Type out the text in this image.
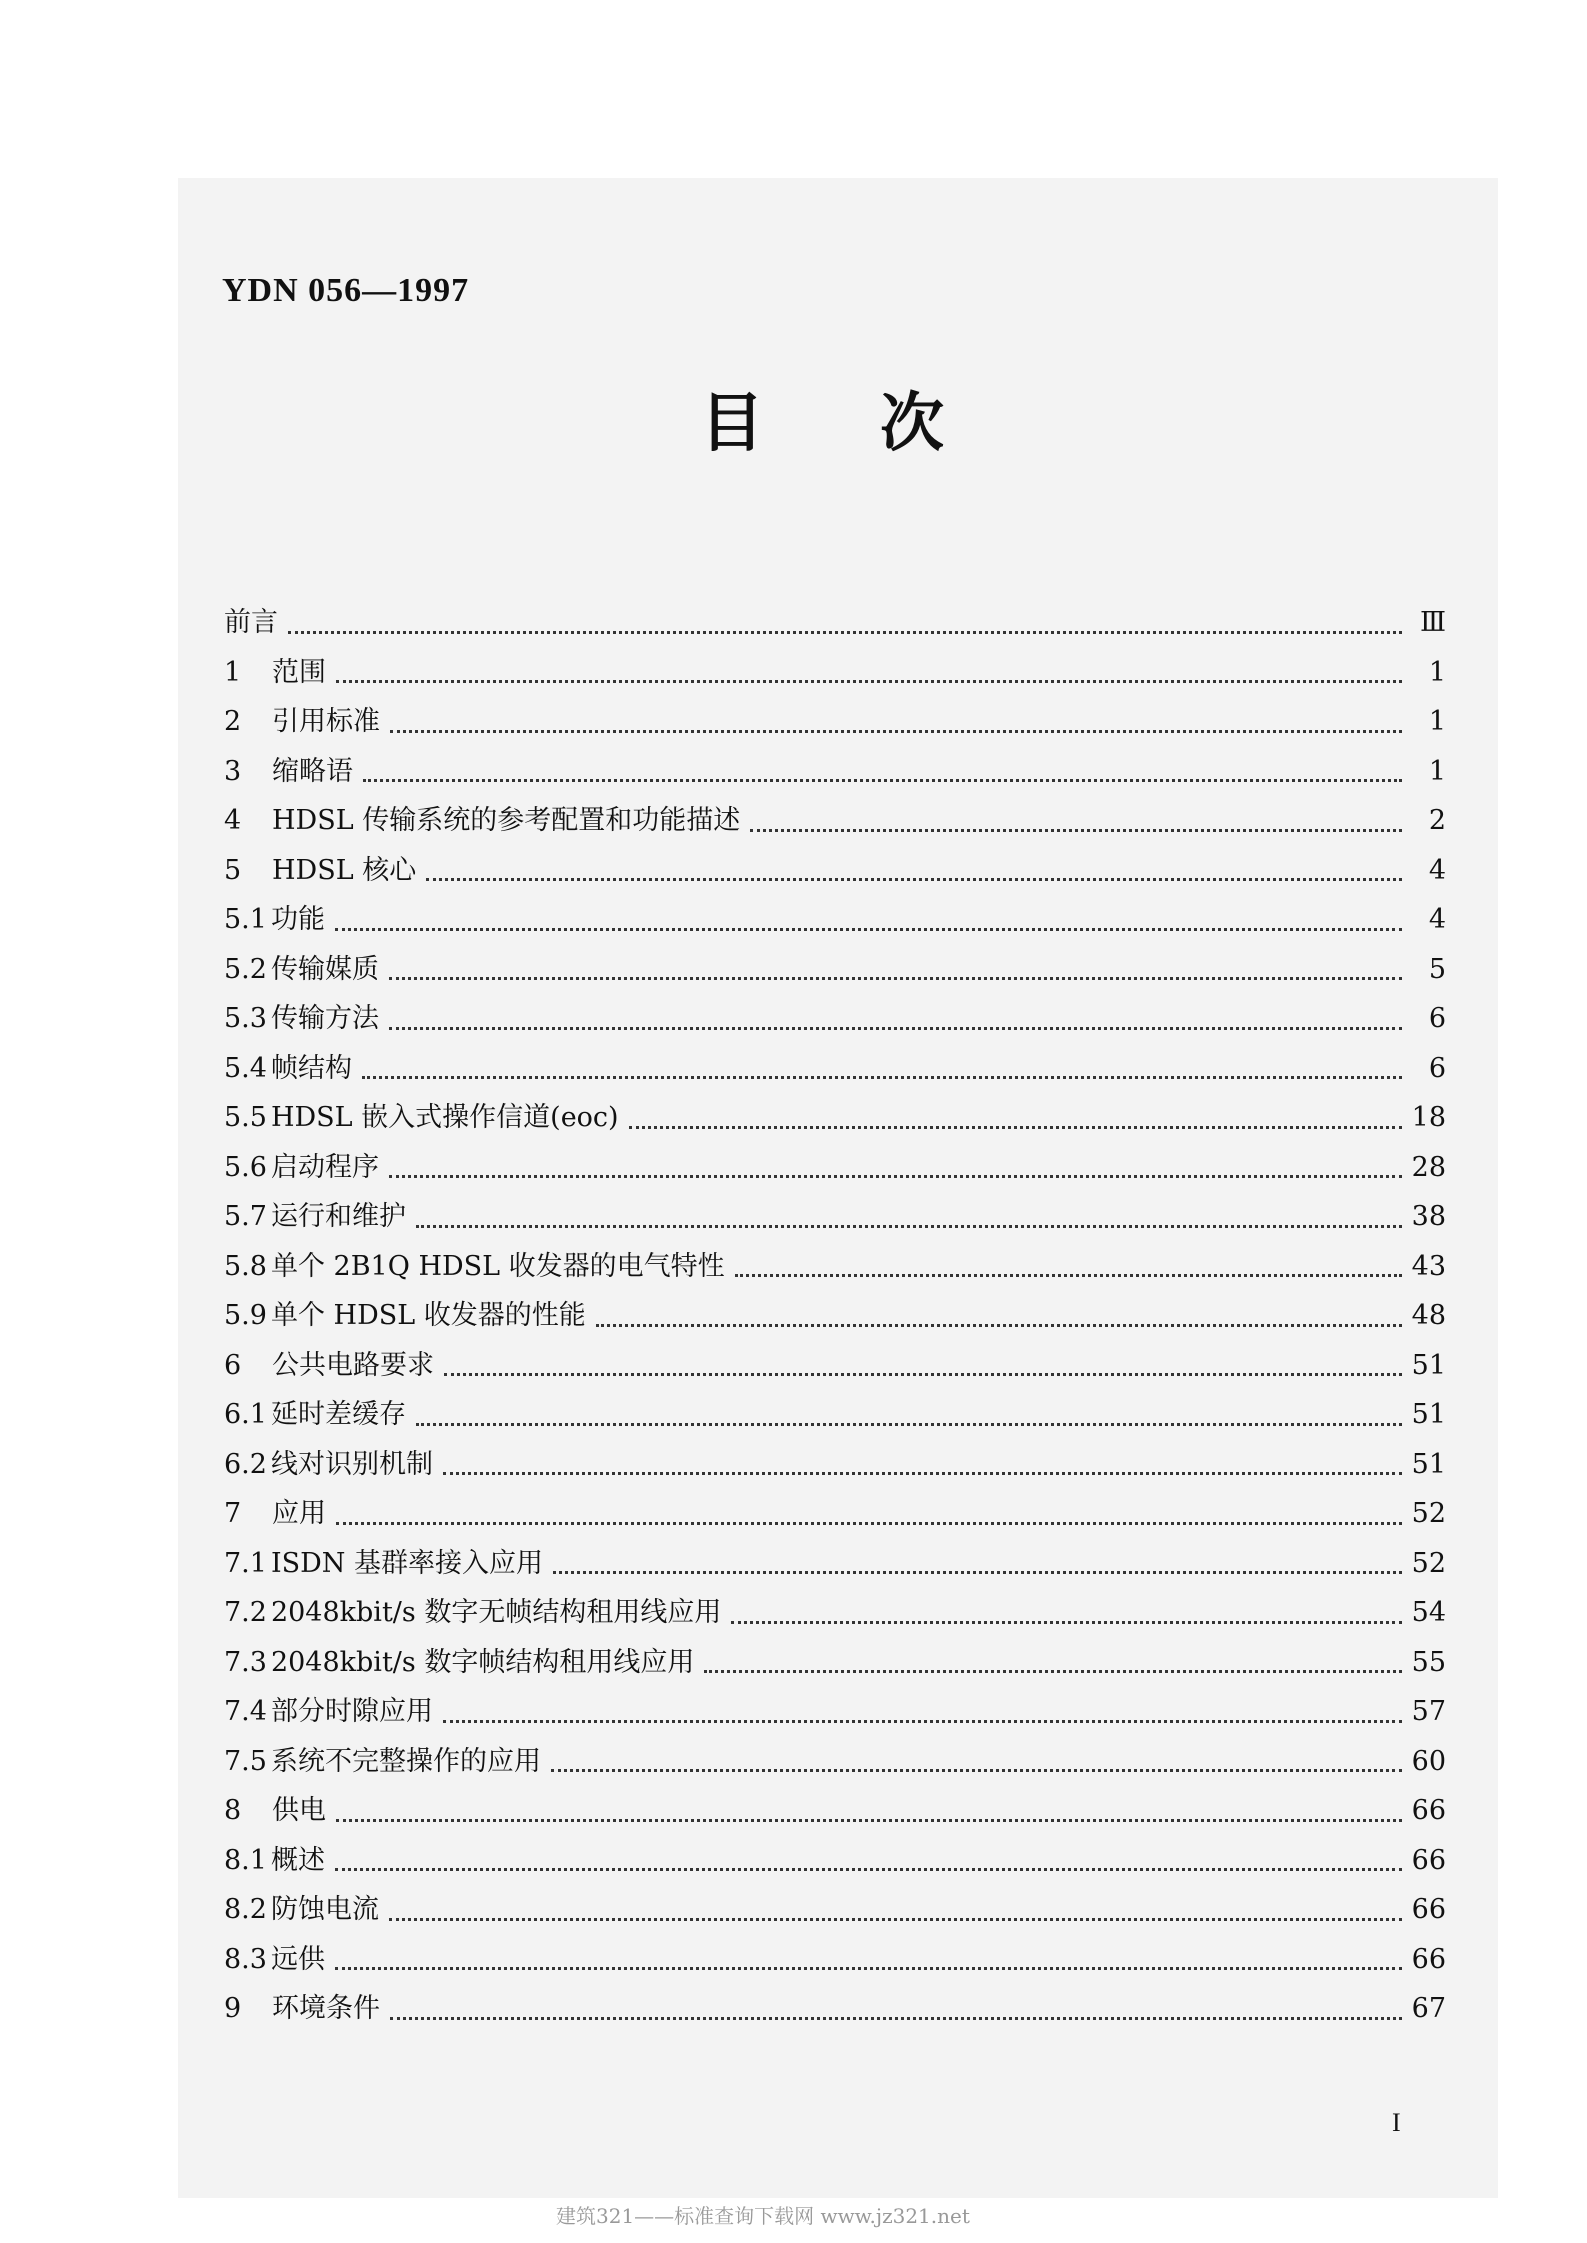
YDN 056—1997
目	次
前言	Ⅲ
1	范围	1
2	引用标准	1
3	缩略语	1
4	HDSL 传输系统的参考配置和功能描述	2
5	HDSL 核心	4
5.1 功能	4
5.2 传输媒质	5
5.3 传输方法	6
5.4 帧结构	6
5.5 HDSL 嵌入式操作信道(eoc)	18
5.6 启动程序	28
5.7 运行和维护	38
5.8 单个 2B1Q HDSL 收发器的电气特性	43
5.9 单个 HDSL 收发器的性能	48
6	公共电路要求	51
6.1 延时差缓存	51
6.2 线对识别机制	51
7	应用	52
7.1 ISDN 基群率接入应用	52
7.2 2048kbit/s 数字无帧结构租用线应用	54
7.3 2048kbit/s 数字帧结构租用线应用	55
7.4 部分时隙应用	57
7.5 系统不完整操作的应用	60
8	供电	66
8.1 概述	66
8.2 防蚀电流	66
8.3 远供	66
9	环境条件	67
I
建筑321——标准查询下载网 www.jz321.net
